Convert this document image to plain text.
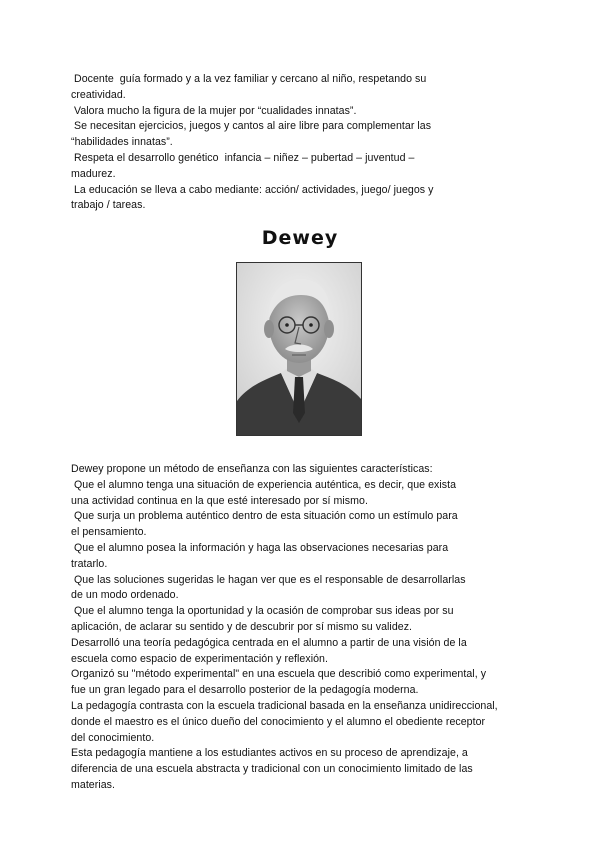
Docente  guía formado y a la vez familiar y cercano al niño, respetando su
creatividad.
Valora mucho la figura de la mujer por “cualidades innatas”.
Se necesitan ejercicios, juegos y cantos al aire libre para complementar las
“habilidades innatas”.
Respeta el desarrollo genético  infancia – niñez – pubertad – juventud –
madurez.
La educación se lleva a cabo mediante: acción/ actividades, juego/ juegos y
trabajo / tareas.
Dewey
Dewey propone un método de enseñanza con las siguientes características:
Que el alumno tenga una situación de experiencia auténtica, es decir, que exista
una actividad continua en la que esté interesado por sí mismo.
Que surja un problema auténtico dentro de esta situación como un estímulo para
el pensamiento.
Que el alumno posea la información y haga las observaciones necesarias para
tratarlo.
Que las soluciones sugeridas le hagan ver que es el responsable de desarrollarlas
de un modo ordenado.
Que el alumno tenga la oportunidad y la ocasión de comprobar sus ideas por su
aplicación, de aclarar su sentido y de descubrir por sí mismo su validez.
Desarrolló una teoría pedagógica centrada en el alumno a partir de una visión de la
escuela como espacio de experimentación y reflexión.
Organizó su "método experimental" en una escuela que describió como experimental, y
fue un gran legado para el desarrollo posterior de la pedagogía moderna.
La pedagogía contrasta con la escuela tradicional basada en la enseñanza unidireccional,
donde el maestro es el único dueño del conocimiento y el alumno el obediente receptor
del conocimiento.
Esta pedagogía mantiene a los estudiantes activos en su proceso de aprendizaje, a
diferencia de una escuela abstracta y tradicional con un conocimiento limitado de las
materias.
